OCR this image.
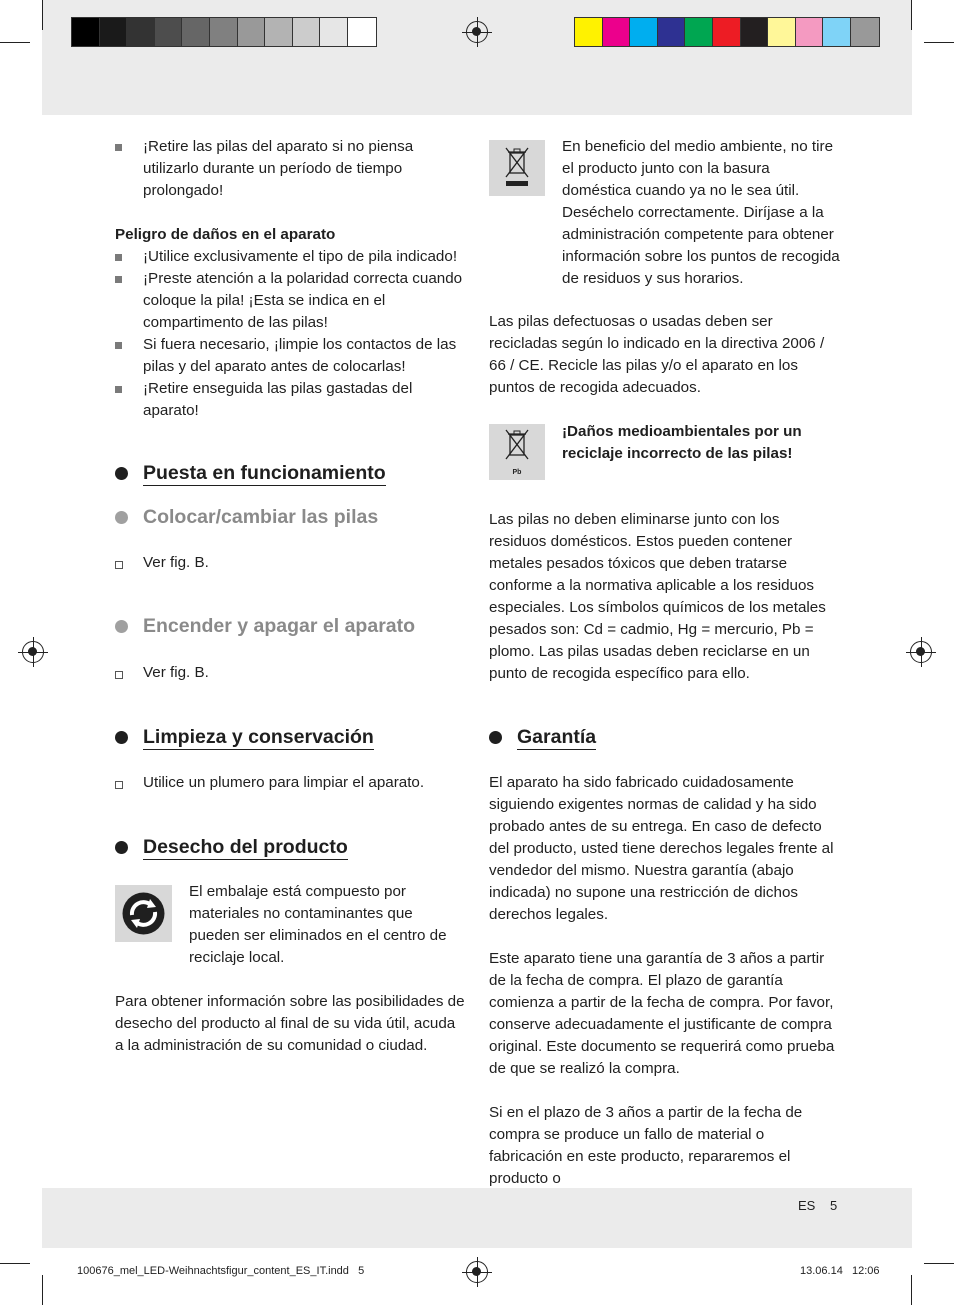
¡Retire las pilas del aparato si no piensa utilizarlo durante un período de tiempo prolongado!

Peligro de daños en el aparato

¡Utilice exclusivamente el tipo de pila indicado!

¡Preste atención a la polaridad correcta cuando coloque la pila! ¡Esta se indica en el compartimento de las pilas!

Si fuera necesario, ¡limpie los contactos de las pilas y del aparato antes de colocarlas!

¡Retire enseguida las pilas gastadas del aparato!

Puesta en funcionamiento
Colocar/cambiar las pilas

Ver fig. B.

Encender y apagar el aparato

Ver fig. B.

Limpieza y conservación

Utilice un plumero para limpiar el aparato.

Desecho del producto

El embalaje está compuesto por materiales no contaminantes que pueden ser eliminados en el centro de reciclaje local.

Para obtener información sobre las posibilidades de desecho del producto al final de su vida útil, acuda a la administración de su comunidad o ciudad.

En beneficio del medio ambiente, no tire el producto junto con la basura doméstica cuando ya no le sea útil. Deséchelo correctamente. Diríjase a la administración competente para obtener información sobre los puntos de recogida de residuos y sus horarios.

Las pilas defectuosas o usadas deben ser recicladas según lo indicado en la directiva 2006 / 66 / CE. Recicle las pilas y/o el aparato en los puntos de recogida adecuados.

Pb

¡Daños medioambientales por un reciclaje incorrecto de las pilas!

Las pilas no deben eliminarse junto con los residuos domésticos. Estos pueden contener metales pesados tóxicos que deben tratarse conforme a la normativa aplicable a los residuos especiales. Los símbolos químicos de los metales pesados son: Cd = cadmio, Hg = mercurio, Pb = plomo. Las pilas usadas deben reciclarse en un punto de recogida específico para ello.

Garantía

El aparato ha sido fabricado cuidadosamente siguiendo exigentes normas de calidad y ha sido probado antes de su entrega. En caso de defecto del producto, usted tiene derechos legales frente al vendedor del mismo. Nuestra garantía (abajo indicada) no supone una restricción de dichos derechos legales.

Este aparato tiene una garantía de 3 años a partir de la fecha de compra. El plazo de garantía comienza a partir de la fecha de compra. Por favor, conserve adecuadamente el justificante de compra original. Este documento se requerirá como prueba de que se realizó la compra.

Si en el plazo de 3 años a partir de la fecha de compra se produce un fallo de material o fabricación en este producto, repararemos el producto o

ES 5
100676_mel_LED-Weihnachtsfigur_content_ES_IT.indd   5	13.06.14   12:06
